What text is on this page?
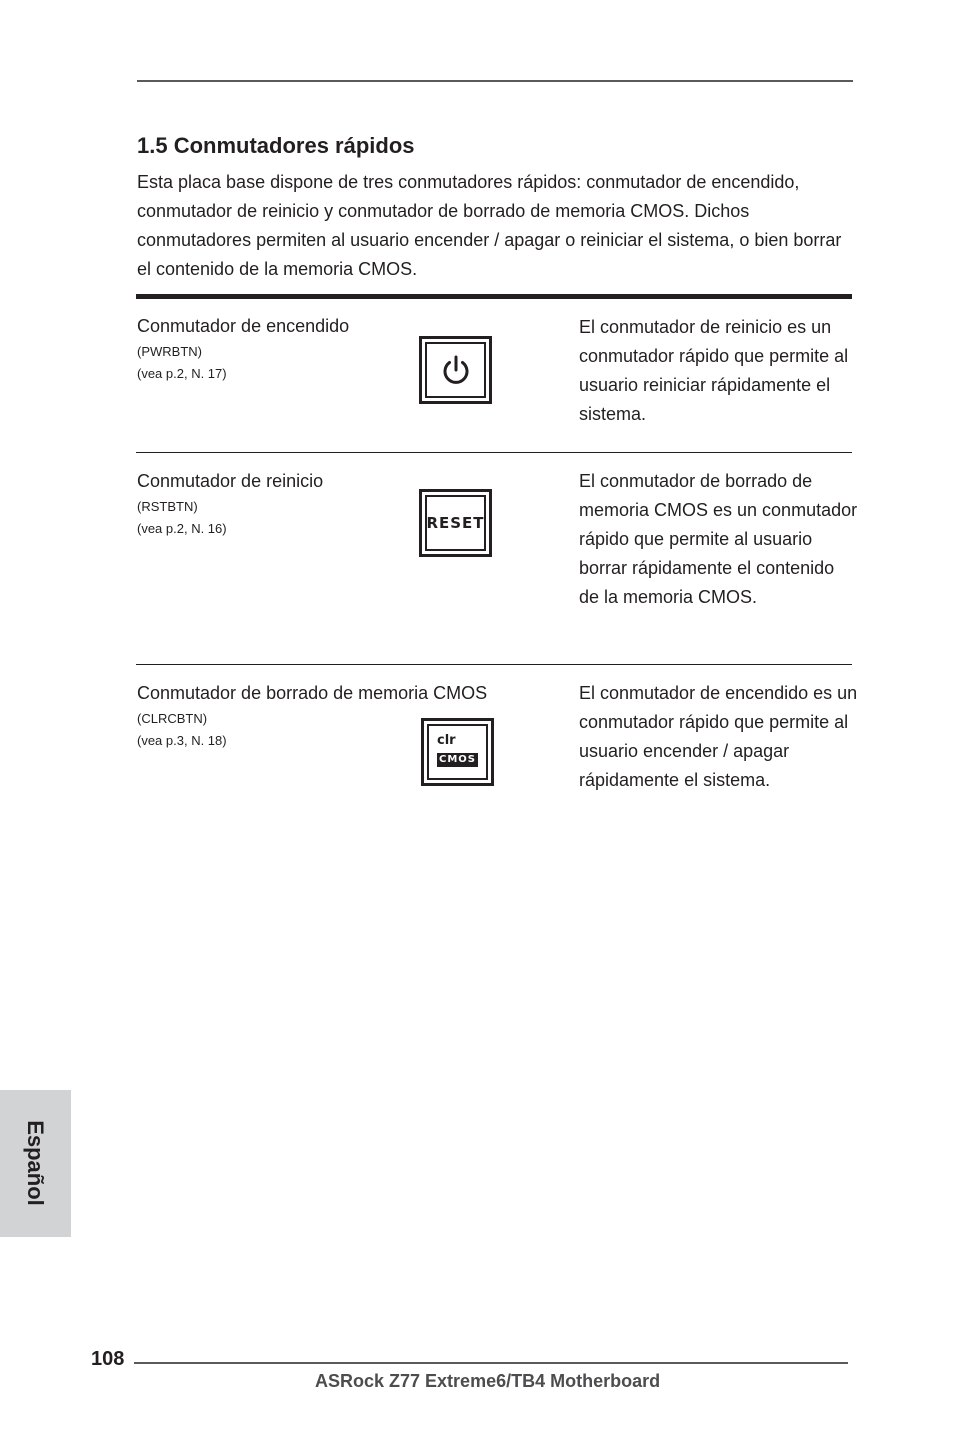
1.5 Conmutadores rápidos

Esta placa base dispone de tres conmutadores rápidos: conmutador de encendido, conmutador de reinicio y conmutador de borrado de memoria CMOS. Dichos conmutadores permiten al usuario encender / apagar o reiniciar el sistema, o bien borrar el contenido de la memoria CMOS.

Conmutador de encendido
(PWRBTN)
(vea p.2, N. 17)

El conmutador de reinicio es un conmutador rápido que permite al usuario reiniciar rápidamente el sistema.

Conmutador de reinicio
(RSTBTN)
(vea p.2, N. 16)	RESET

El conmutador de borrado de memoria CMOS es un conmutador rápido que permite al usuario borrar rápidamente el contenido de la memoria CMOS.

Conmutador de borrado de memoria CMOS
(CLRCBTN)
(vea p.3, N. 18)	clr
CMOS

El conmutador de encendido es un conmutador rápido que permite al usuario encender / apagar rápidamente el sistema.

Español
108
ASRock Z77 Extreme6/TB4 Motherboard
